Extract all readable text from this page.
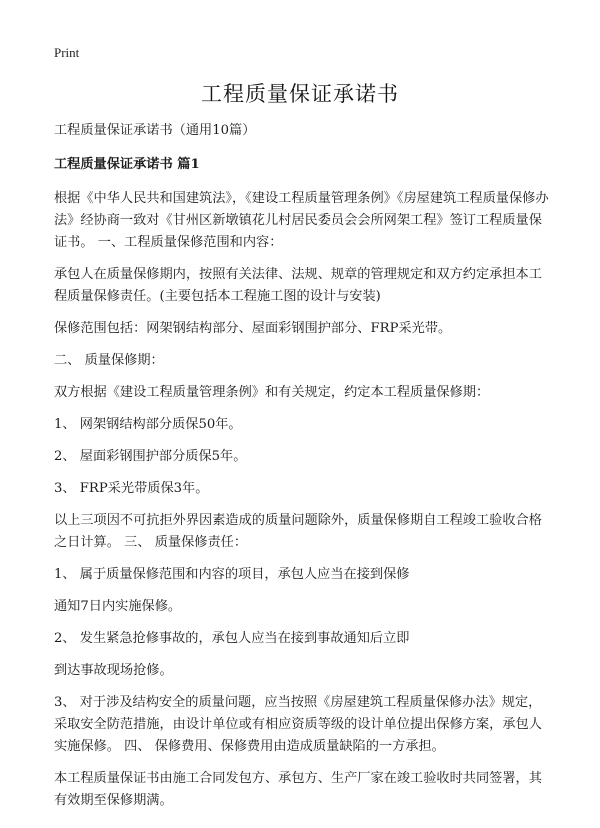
Print
工程质量保证承诺书

工程质量保证承诺书（通用10篇）

工程质量保证承诺书 篇1

根据《中华人民共和国建筑法》，《建设工程质量管理条例》《房屋建筑工程质量保修办法》经协商一致对《甘州区新墩镇花儿村居民委员会会所网架工程》签订工程质量保证书。 一、工程质量保修范围和内容：

承包人在质量保修期内，按照有关法律、法规、规章的管理规定和双方约定承担本工程质量保修责任。(主要包括本工程施工图的设计与安装)

保修范围包括：网架钢结构部分、屋面彩钢围护部分、FRP采光带。

二、 质量保修期：

双方根据《建设工程质量管理条例》和有关规定，约定本工程质量保修期：

1、 网架钢结构部分质保50年。

2、 屋面彩钢围护部分质保5年。

3、 FRP采光带质保3年。

以上三项因不可抗拒外界因素造成的质量问题除外，质量保修期自工程竣工验收合格之日计算。 三、 质量保修责任：

1、 属于质量保修范围和内容的项目，承包人应当在接到保修

通知7日内实施保修。

2、 发生紧急抢修事故的，承包人应当在接到事故通知后立即

到达事故现场抢修。

3、 对于涉及结构安全的质量问题，应当按照《房屋建筑工程质量保修办法》规定，采取安全防范措施，由设计单位或有相应资质等级的设计单位提出保修方案，承包人实施保修。 四、 保修费用、保修费用由造成质量缺陷的一方承担。

本工程质量保证书由施工合同发包方、承包方、生产厂家在竣工验收时共同签署，其有效期至保修期满。
